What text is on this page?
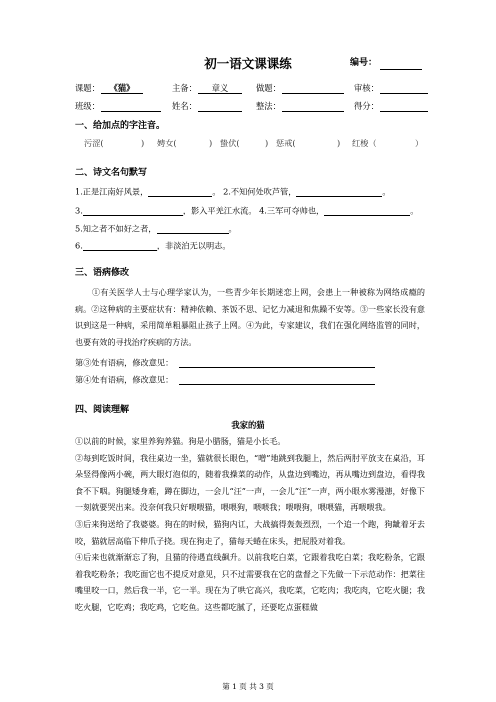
初一语文课课练	编号：
课题：	《猫》	主备：	章义	做题：	审核：
班级：	姓名：	整法：	得分：
一、给加点的字注音。
污涩(	) 娉女(	) 蛰伏(	) 惩戒(	) 红梭（	）
二、诗文名句默写
1.正是江南好风景，	。 2.不知何处吹芦管，	。
3.	，影入平羌江水流。 4.三军可夺帅也，	。
5.知之者不如好之者，	。
6.	，非淡泊无以明志。
三、语病修改

①有关医学人士与心理学家认为，一些青少年长期迷恋上网，会患上一种被称为网络成瘾的病。②这种病的主要症状有：精神依赖、茶饭不思、记忆力减退和焦躁不安等。③一些家长没有意识到这是一种病，采用简单粗暴阻止孩子上网。④为此，专家建议，我们在强化网络监管的同时，也要有效的寻找治疗疾病的方法。

第③处有语病，修改意见：
第④处有语病，修改意见：
四、阅读理解
我家的猫

①以前的时候，家里养狗养猫。狗是小腊肠，猫是小长毛。

②每到吃饭时间，我往桌边一坐，猫就很长眼色，“噌”地跳到我腿上，然后两肘平放支在桌沿，耳朵竖得像两小碗，两大眼灯泡似的，随着我操菜的动作，从盘边到嘴边，再从嘴边到盘边，看得我食不下咽。狗腿矮身难，蹲在脚边，一会儿“汪”一声，一会儿“汪”一声，两小眼水雾漫漶，好像下一刻就要哭出来。没奈何我只好喂喂猫，喂喂狗，喂喂我；喂喂狗，喂喂猫，再喂喂我。

③后来狗送给了我婆婆。狗在的时候，猫狗内讧，大战搞得轰轰烈烈，一个追一个跑，狗龇着牙去咬，猫就居高临下伸爪子挠。现在狗走了，猫每天蜷在床头，把屁股对着我。

④后来也就渐渐忘了狗，且猫的待遇直线飙升。以前我吃白菜，它跟着我吃白菜；我吃粉条，它跟着我吃粉条；我吃面它也不提反对意见，只不过需要我在它的盘督之下先做一下示范动作：把菜往嘴里咬一口，然后我一半，它一半。现在为了哄它高兴，我吃菜，它吃肉；我吃肉，它吃火腿；我吃火腿，它吃鸡；我吃鸡，它吃鱼。这些都吃腻了，还要吃点蛋糕做

第 1 页 共 3 页
